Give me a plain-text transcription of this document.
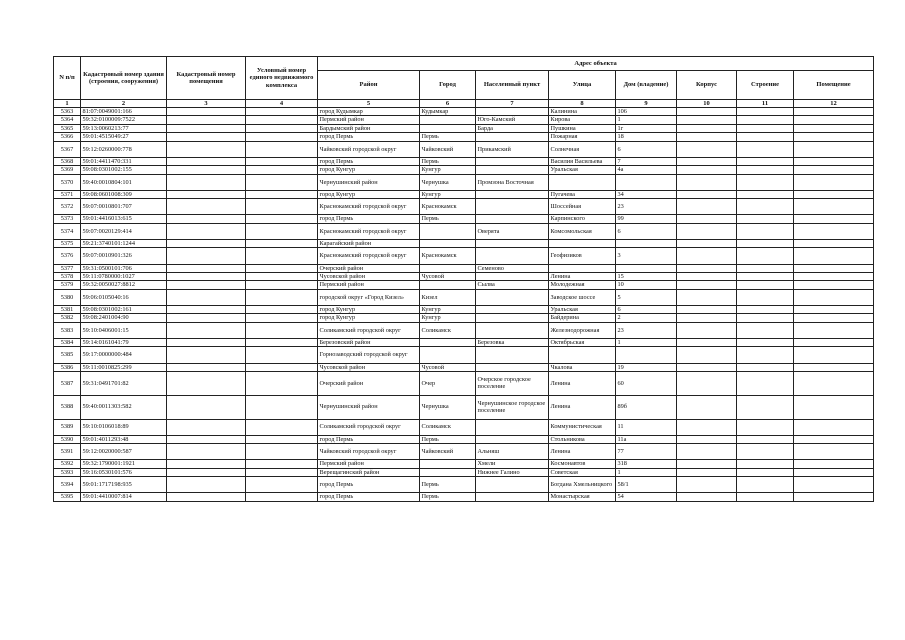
N п/п	Кадастровый номер здания (строения, сооружения)	Кадастровый номер помещения	Условный номер единого недвижимого комплекса	Адрес объекта							
				Район	Город	Населенный пункт	Улица	Дом (владение)	Корпус	Строение	Помещение
1	2	3	4	5	6	7	8	9	10	11	12
5363	81:07:0049001:166			город Кудымкар	Кудымкар		Калинина	106			
5364	59:32:0100009:7522			Пермский район		Юго-Камский	Кирова	1			
5365	59:13:0060213:77			Бардымский район		Барда	Пушкина	1г			
5366	59:01:4515049:27			город Пермь	Пермь		Пожарная	18			
5367	59:12:0260000:778			Чайковский городской округ	Чайковский	Прикамский	Солнечная	6			
5368	59:01:4411470:331			город Пермь	Пермь		Василия Васильева	7			
5369	59:08:0301002:155			город Кунгур	Кунгур		Уральская	4а			
5370	59:40:0010804:101			Чернушинский район	Чернушка	Промзона Восточная					
5371	59:08:0601008:309			город Кунгур	Кунгур		Пугачева	34			
5372	59:07:0010801:707			Краснокамский городской округ	Краснокамск		Шоссейная	23			
5373	59:01:4416013:615			город Пермь	Пермь		Карпинского	99			
5374	59:07:0020129:414			Краснокамский городской округ		Оверята	Комсомольская	6			
5375	59:21:3740101:1244			Карагайский район							
5376	59:07:0010901:326			Краснокамский городской округ	Краснокамск		Геофизиков	3			
5377	59:31:0500101:706			Очерский район		Семеново					
5378	59:11:0780000:1027			Чусовской район	Чусовой		Ленина	15			
5379	59:32:0050027:8812			Пермский район		Сылва	Молодежная	10			
5380	59:06:0105040:16			городской округ «Город Кизел»	Кизел		Заводское шоссе	5			
5381	59:08:0301002:161			город Кунгур	Кунгур		Уральская	6			
5382	59:08:2401004:90			город Кунгур	Кунгур		Байдерина	2			
5383	59:10:0406001:15			Соликамский городской округ	Соликамск		Железнодорожная	23			
5384	59:14:0161041:79			Березовский район		Березовка	Октябрьская	1			
5385	59:17:0000000:484			Горнозаводский городской округ							
5386	59:11:0010825:299			Чусовской район	Чусовой		Чкалова	19			
5387	59:31:0491701:82			Очерский район	Очер	Очерское городское поселение	Ленина	60			
5388	59:40:0011303:582			Чернушинский район	Чернушка	Чернушинское городское поселение	Ленина	89б			
5389	59:10:0106018:89			Соликамский городской округ	Соликамск		Коммунистическая	11			
5390	59:01:4011293:48			город Пермь	Пермь		Стольникова	11а			
5391	59:12:0020000:587			Чайковский городской округ	Чайковский	Альняш	Ленина	77			
5392	59:32:1790001:1921			Пермский район		Хмели	Космонавтов	318			
5393	59:16:0530101:576			Верещагинский район		Нижнее Галино	Советская	1			
5394	59:01:1717198:935			город Пермь	Пермь		Богдана Хмельницкого	58/1			
5395	59:01:4410007:814			город Пермь	Пермь		Монастырская	54			
